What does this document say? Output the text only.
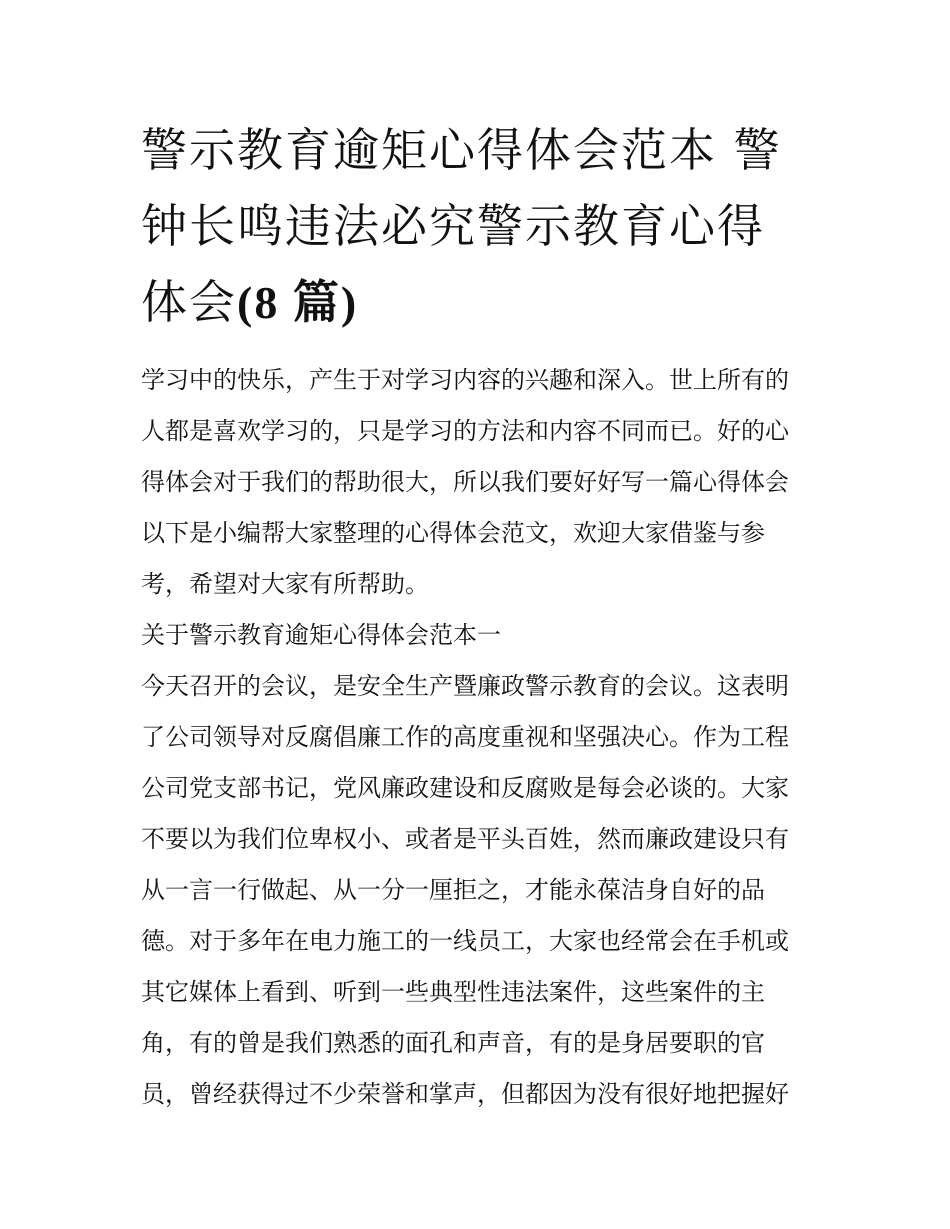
警示教育逾矩心得体会范本 警
钟长鸣违法必究警示教育心得
体会(8 篇)
学习中的快乐，产生于对学习内容的兴趣和深入。世上所有的
人都是喜欢学习的，只是学习的方法和内容不同而已。好的心
得体会对于我们的帮助很大，所以我们要好好写一篇心得体会
以下是小编帮大家整理的心得体会范文，欢迎大家借鉴与参
考，希望对大家有所帮助。
关于警示教育逾矩心得体会范本一
今天召开的会议，是安全生产暨廉政警示教育的会议。这表明
了公司领导对反腐倡廉工作的高度重视和坚强决心。作为工程
公司党支部书记，党风廉政建设和反腐败是每会必谈的。大家
不要以为我们位卑权小、或者是平头百姓，然而廉政建设只有
从一言一行做起、从一分一厘拒之，才能永葆洁身自好的品
德。对于多年在电力施工的一线员工，大家也经常会在手机或
其它媒体上看到、听到一些典型性违法案件，这些案件的主
角，有的曾是我们熟悉的面孔和声音，有的是身居要职的官
员，曾经获得过不少荣誉和掌声，但都因为没有很好地把握好
